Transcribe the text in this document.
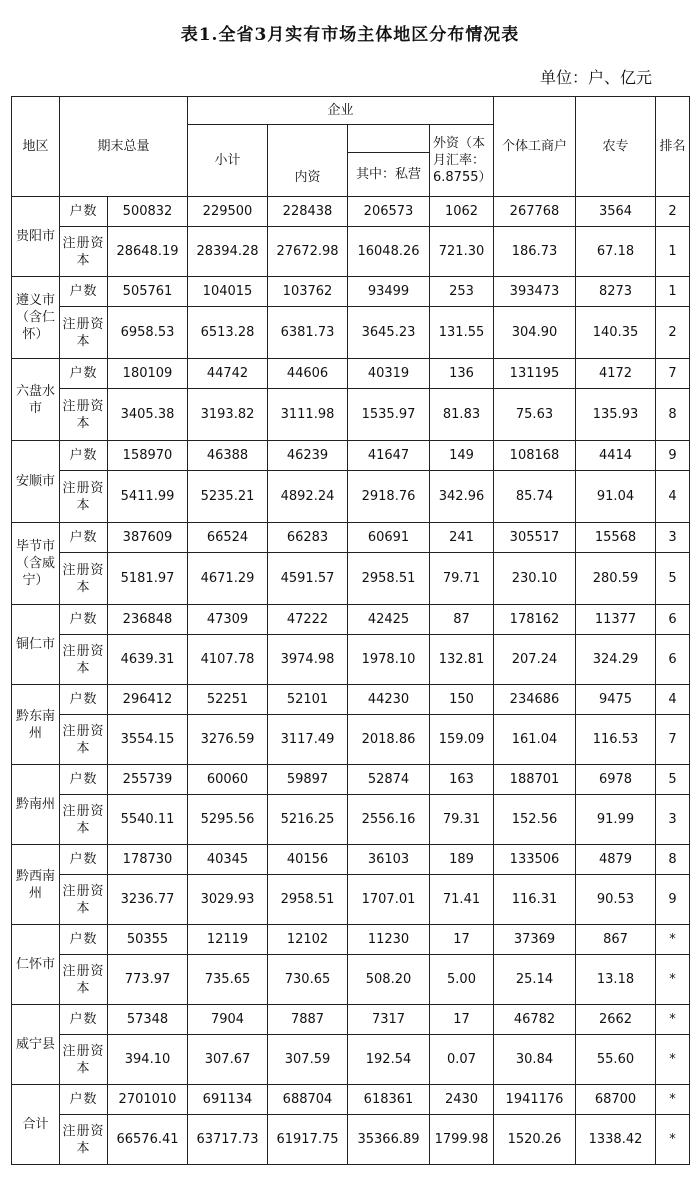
表1.全省3月实有市场主体地区分布情况表
单位：户、亿元
地区	期末总量		企业				个体工商户	农专	排名
			小计	内资		外资（本月汇率：6.8755）			
					其中：私营				
贵阳市	户数	500832	229500	228438	206573	1062	267768	3564	2
	注册资本	28648.19	28394.28	27672.98	16048.26	721.30	186.73	67.18	1
遵义市（含仁怀）	户数	505761	104015	103762	93499	253	393473	8273	1
	注册资本	6958.53	6513.28	6381.73	3645.23	131.55	304.90	140.35	2
六盘水市	户数	180109	44742	44606	40319	136	131195	4172	7
	注册资本	3405.38	3193.82	3111.98	1535.97	81.83	75.63	135.93	8
安顺市	户数	158970	46388	46239	41647	149	108168	4414	9
	注册资本	5411.99	5235.21	4892.24	2918.76	342.96	85.74	91.04	4
毕节市（含威宁）	户数	387609	66524	66283	60691	241	305517	15568	3
	注册资本	5181.97	4671.29	4591.57	2958.51	79.71	230.10	280.59	5
铜仁市	户数	236848	47309	47222	42425	87	178162	11377	6
	注册资本	4639.31	4107.78	3974.98	1978.10	132.81	207.24	324.29	6
黔东南州	户数	296412	52251	52101	44230	150	234686	9475	4
	注册资本	3554.15	3276.59	3117.49	2018.86	159.09	161.04	116.53	7
黔南州	户数	255739	60060	59897	52874	163	188701	6978	5
	注册资本	5540.11	5295.56	5216.25	2556.16	79.31	152.56	91.99	3
黔西南州	户数	178730	40345	40156	36103	189	133506	4879	8
	注册资本	3236.77	3029.93	2958.51	1707.01	71.41	116.31	90.53	9
仁怀市	户数	50355	12119	12102	11230	17	37369	867	*
	注册资本	773.97	735.65	730.65	508.20	5.00	25.14	13.18	*
威宁县	户数	57348	7904	7887	7317	17	46782	2662	*
	注册资本	394.10	307.67	307.59	192.54	0.07	30.84	55.60	*
合计	户数	2701010	691134	688704	618361	2430	1941176	68700	*
	注册资本	66576.41	63717.73	61917.75	35366.89	1799.98	1520.26	1338.42	*
